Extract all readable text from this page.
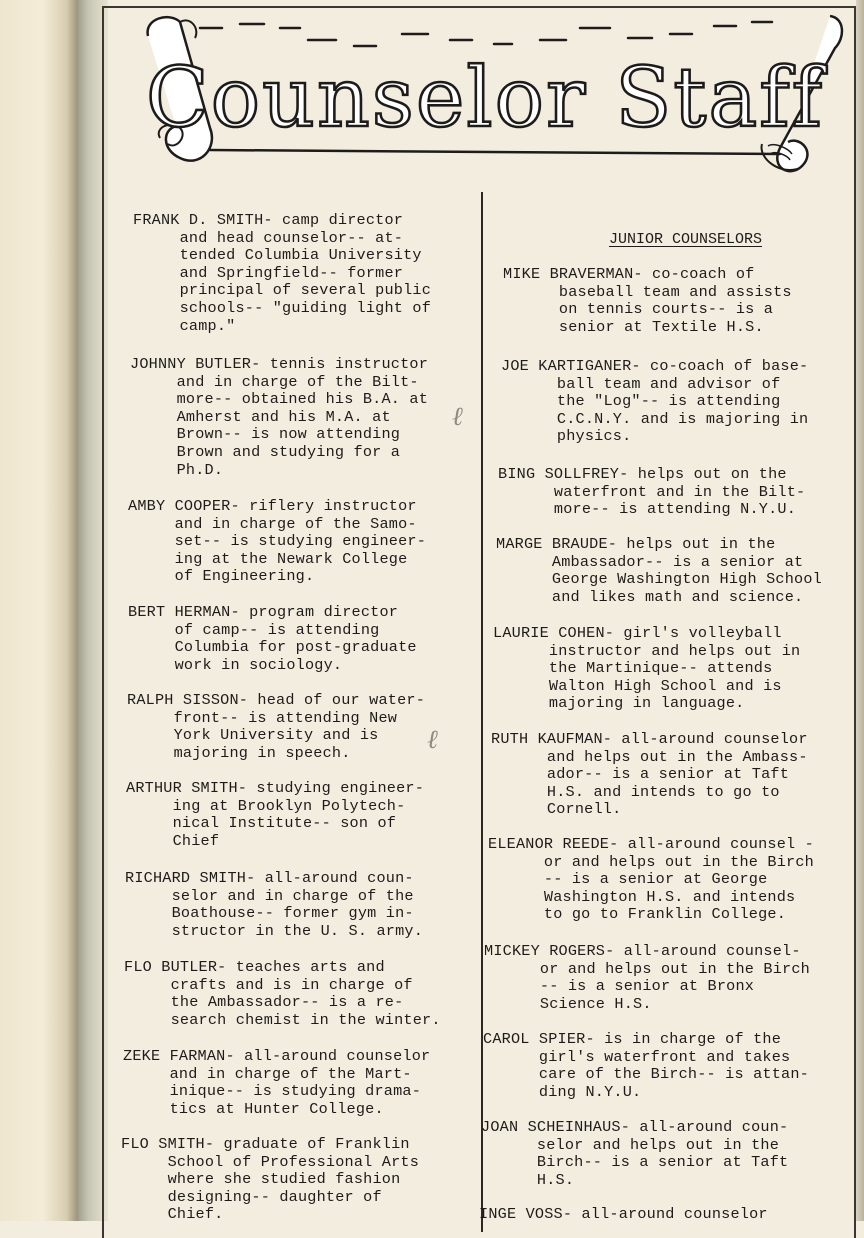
Counselor Staff
FRANK D. SMITH- camp director
and head counselor-- at-
tended Columbia University
and Springfield-- former
principal of several public
schools-- "guiding light of
camp."
JOHNNY BUTLER- tennis instructor
and in charge of the Bilt-
more-- obtained his B.A. at
Amherst and his M.A. at
Brown-- is now attending
Brown and studying for a
Ph.D.
AMBY COOPER- riflery instructor
and in charge of the Samo-
set-- is studying engineer-
ing at the Newark College
of Engineering.
BERT HERMAN- program director
of camp-- is attending
Columbia for post-graduate
work in sociology.
RALPH SISSON- head of our water-
front-- is attending New
York University and is
majoring in speech.
ARTHUR SMITH- studying engineer-
ing at Brooklyn Polytech-
nical Institute-- son of
Chief
RICHARD SMITH- all-around coun-
selor and in charge of the
Boathouse-- former gym in-
structor in the U. S. army.
FLO BUTLER- teaches arts and
crafts and is in charge of
the Ambassador-- is a re-
search chemist in the winter.
ZEKE FARMAN- all-around counselor
and in charge of the Mart-
inique-- is studying drama-
tics at Hunter College.
FLO SMITH- graduate of Franklin
School of Professional Arts
where she studied fashion
designing-- daughter of
Chief.
JUNIOR COUNSELORS
MIKE BRAVERMAN- co-coach of
baseball team and assists
on tennis courts-- is a
senior at Textile H.S.
JOE KARTIGANER- co-coach of base-
ball team and advisor of
the "Log"-- is attending
C.C.N.Y. and is majoring in
physics.
BING SOLLFREY- helps out on the
waterfront and in the Bilt-
more-- is attending N.Y.U.
MARGE BRAUDE- helps out in the
Ambassador-- is a senior at
George Washington High School
and likes math and science.
LAURIE COHEN- girl's volleyball
instructor and helps out in
the Martinique-- attends
Walton High School and is
majoring in language.
RUTH KAUFMAN- all-around counselor
and helps out in the Ambass-
ador-- is a senior at Taft
H.S. and intends to go to
Cornell.
ELEANOR REEDE- all-around counsel -
or and helps out in the Birch
-- is a senior at George
Washington H.S. and intends
to go to Franklin College.
MICKEY ROGERS- all-around counsel-
or and helps out in the Birch
-- is a senior at Bronx
Science H.S.
CAROL SPIER- is in charge of the
girl's waterfront and takes
care of the Birch-- is attan-
ding N.Y.U.
JOAN SCHEINHAUS- all-around coun-
selor and helps out in the
Birch-- is a senior at Taft
H.S.
INGE VOSS- all-around counselor
ℓ
ℓ
